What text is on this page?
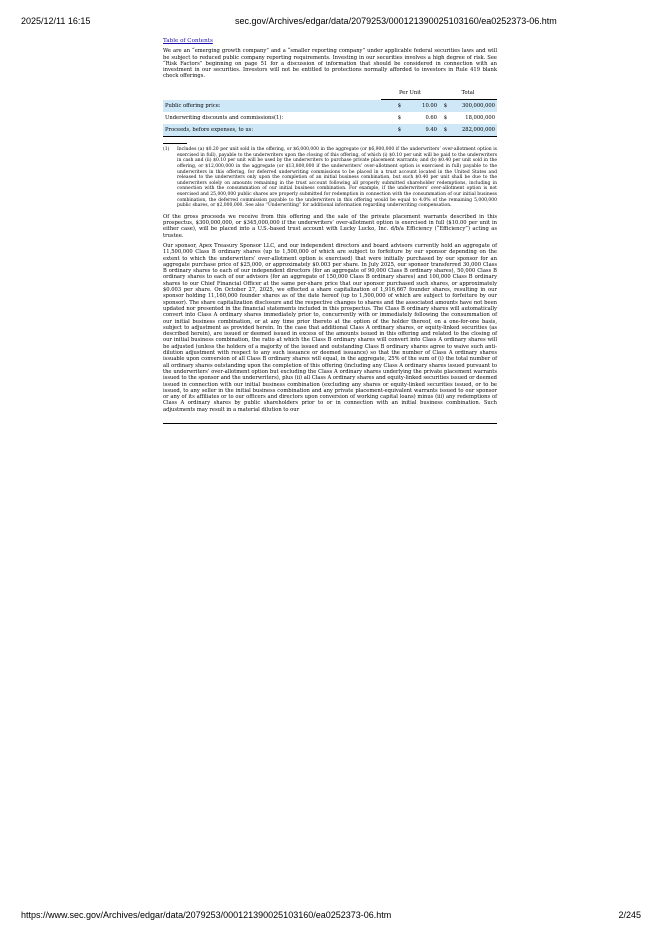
2025/12/11 16:15	sec.gov/Archives/edgar/data/2079253/000121390025103160/ea0252373-06.htm
Table of Contents

We are an “emerging growth company” and a “smaller reporting company” under applicable federal securities laws and will be subject to reduced public company reporting requirements. Investing in our securities involves a high degree of risk. See “Risk Factors” beginning on page 51 for a discussion of information that should be considered in connection with an investment in our securities. Investors will not be entitled to protections normally afforded to investors in Rule 419 blank check offerings.

	Per Unit		Total	
Public offering price:	$	10.00	$	300,000,000
Underwriting discounts and commissions(1):	$	0.60	$	18,000,000
Proceeds, before expenses, to us:	$	9.40	$	282,000,000
(1)	Includes (a) $0.20 per unit sold in the offering, or $6,000,000 in the aggregate (or $6,900,000 if the underwriters’ over-allotment option is exercised in full), payable to the underwriters upon the closing of this offering, of which (i) $0.10 per unit will be paid to the underwriters in cash and (ii) $0.10 per unit will be used by the underwriters to purchase private placement warrants; and (b) $0.40 per unit sold in the offering, or $12,000,000 in the aggregate (or $13,800,000 if the underwriters’ over-allotment option is exercised in full) payable to the underwriters in this offering, for deferred underwriting commissions to be placed in a trust account located in the United States and released to the underwriters only upon the completion of an initial business combination, but such $0.40 per unit shall be due to the underwriters solely on amounts remaining in the trust account following all properly submitted shareholder redemptions, including in connection with the consummation of our initial business combination. For example, if the underwriters’ over-allotment option is not exercised and 25,000,000 public shares are properly submitted for redemption in connection with the consummation of our initial business combination, the deferred commission payable to the underwriters in this offering would be equal to 4.0% of the remaining 5,000,000 public shares, or $2,000,000. See also “Underwriting” for additional information regarding underwriting compensation.

Of the gross proceeds we receive from this offering and the sale of the private placement warrants described in this prospectus, $300,000,000, or $345,000,000 if the underwriters’ over-allotment option is exercised in full ($10.00 per unit in either case), will be placed into a U.S.-based trust account with Lucky Lucko, Inc. d/b/a Efficiency (“Efficiency”) acting as trustee.

Our sponsor, Apex Treasury Sponsor LLC, and our independent directors and board advisors currently hold an aggregate of 11,500,000 Class B ordinary shares (up to 1,500,000 of which are subject to forfeiture by our sponsor depending on the extent to which the underwriters’ over-allotment option is exercised) that were initially purchased by our sponsor for an aggregate purchase price of $25,000, or approximately $0.003 per share. In July 2025, our sponsor transferred 30,000 Class B ordinary shares to each of our independent directors (for an aggregate of 90,000 Class B ordinary shares), 50,000 Class B ordinary shares to each of our advisors (for an aggregate of 150,000 Class B ordinary shares) and 100,000 Class B ordinary shares to our Chief Financial Officer at the same per-share price that our sponsor purchased such shares, or approximately $0.003 per share. On October 27, 2025, we effected a share capitalization of 1,916,667 founder shares, resulting in our sponsor holding 11,160,000 founder shares as of the date hereof (up to 1,500,000 of which are subject to forfeiture by our sponsor). The share capitalization disclosure and the respective changes to shares and the associated amounts have not been updated nor presented in the financial statements included in this prospectus. The Class B ordinary shares will automatically convert into Class A ordinary shares immediately prior to, concurrently with or immediately following the consummation of our initial business combination, or at any time prior thereto at the option of the holder thereof, on a one-for-one basis, subject to adjustment as provided herein. In the case that additional Class A ordinary shares, or equity-linked securities (as described herein), are issued or deemed issued in excess of the amounts issued in this offering and related to the closing of our initial business combination, the ratio at which the Class B ordinary shares will convert into Class A ordinary shares will be adjusted (unless the holders of a majority of the issued and outstanding Class B ordinary shares agree to waive such anti-dilution adjustment with respect to any such issuance or deemed issuance) so that the number of Class A ordinary shares issuable upon conversion of all Class B ordinary shares will equal, in the aggregate, 25% of the sum of (i) the total number of all ordinary shares outstanding upon the completion of this offering (including any Class A ordinary shares issued pursuant to the underwriters’ over-allotment option but excluding the Class A ordinary shares underlying the private placement warrants issued to the sponsor and the underwriters), plus (ii) all Class A ordinary shares and equity-linked securities issued or deemed issued in connection with our initial business combination (excluding any shares or equity-linked securities issued, or to be issued, to any seller in the initial business combination and any private placement-equivalent warrants issued to our sponsor or any of its affiliates or to our officers and directors upon conversion of working capital loans) minus (iii) any redemptions of Class A ordinary shares by public shareholders prior to or in connection with an initial business combination. Such adjustments may result in a material dilution to our

https://www.sec.gov/Archives/edgar/data/2079253/000121390025103160/ea0252373-06.htm	2/245
